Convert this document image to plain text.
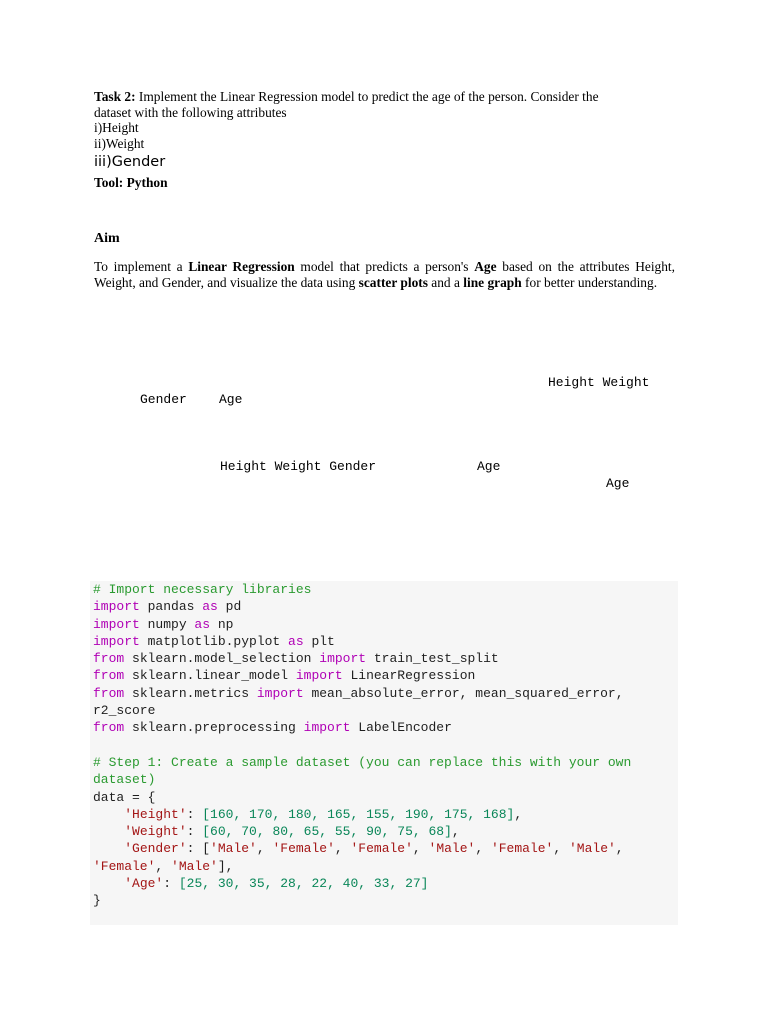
Task 2: Implement the Linear Regression model to predict the age of the person. Consider the
dataset with the following attributes
i)Height
ii)Weight
iii)Gender
Tool: Python
Aim
To implement a Linear Regression model that predicts a person's Age based on the attributes Height, Weight, and Gender, and visualize the data using scatter plots and a line graph for better understanding.
Height Weight
Gender Age
Height Weight Gender	Age
Age
# Import necessary libraries
import pandas as pd
import numpy as np
import matplotlib.pyplot as plt
from sklearn.model_selection import train_test_split
from sklearn.linear_model import LinearRegression
from sklearn.metrics import mean_absolute_error, mean_squared_error,
r2_score
from sklearn.preprocessing import LabelEncoder

# Step 1: Create a sample dataset (you can replace this with your own
dataset)
data = {
'Height': [160, 170, 180, 165, 155, 190, 175, 168],
'Weight': [60, 70, 80, 65, 55, 90, 75, 68],
'Gender': ['Male', 'Female', 'Female', 'Male', 'Female', 'Male',
'Female', 'Male'],
'Age': [25, 30, 35, 28, 22, 40, 33, 27]
}
